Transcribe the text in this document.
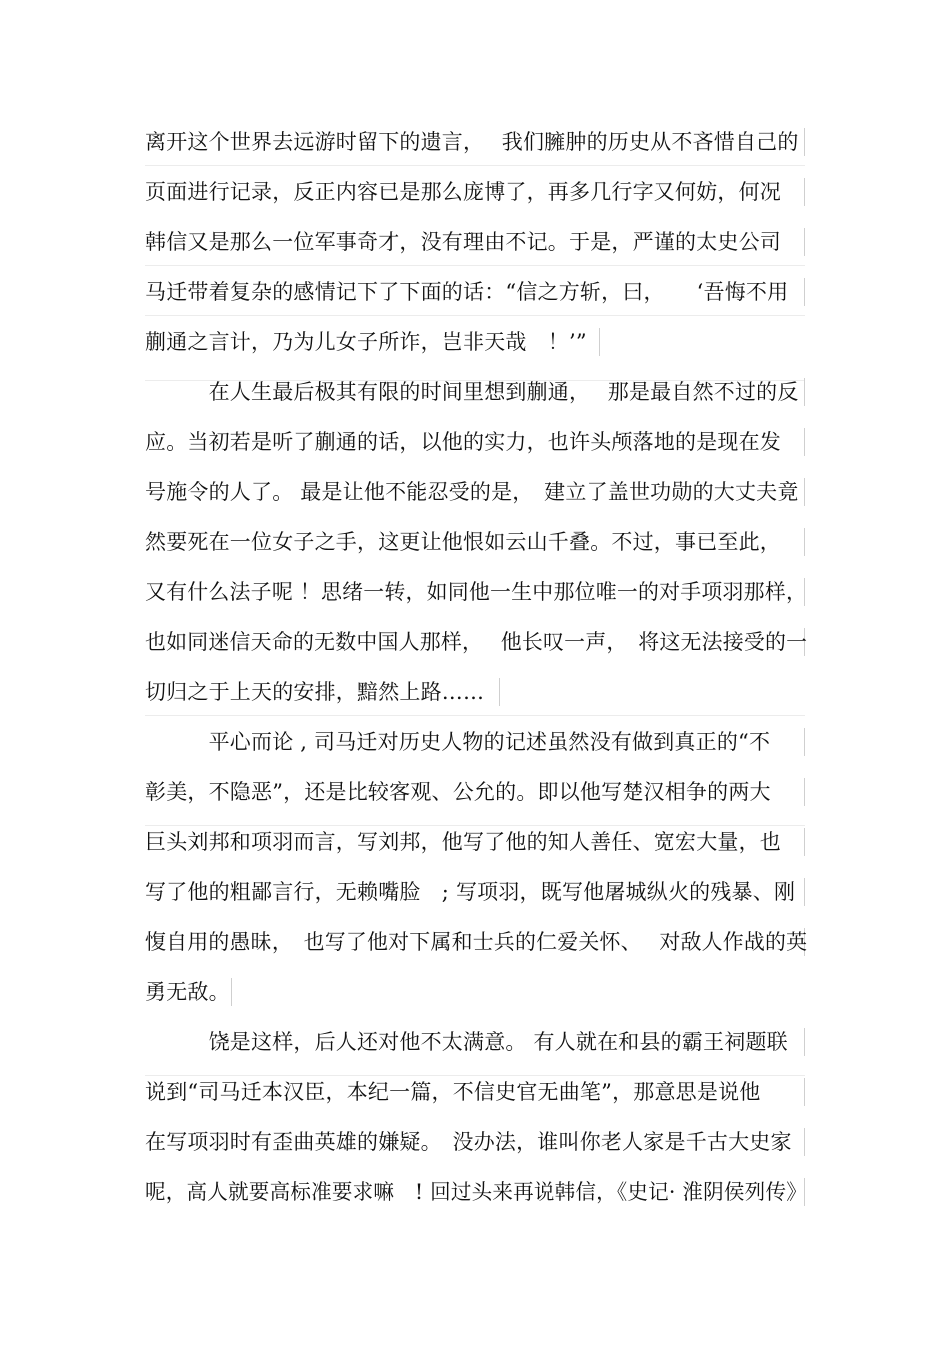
离开这个世界去远游时留下的遗言，　 我们臃肿的历史从不吝惜自己的
页面进行记录，反正内容已是那么庞博了，再多几行字又何妨，何况
韩信又是那么一位军事奇才，没有理由不记。于是，严谨的太史公司
马迁带着复杂的感情记下了下面的话：“信之方斩，曰，　　‘吾悔不用
蒯通之言计，乃为儿女子所诈，岂非天哉　！’”
　　　在人生最后极其有限的时间里想到蒯通，　 那是最自然不过的反
应。当初若是听了蒯通的话，以他的实力，也许头颅落地的是现在发
号施令的人了。 最是让他不能忍受的是，　建立了盖世功勋的大丈夫竟
然要死在一位女子之手，这更让他恨如云山千叠。不过，事已至此，
又有什么法子呢 ！思绪一转，如同他一生中那位唯一的对手项羽那样，
也如同迷信天命的无数中国人那样，　 他长叹一声，　将这无法接受的一
切归之于上天的安排，黯然上路……
　　　平心而论 , 司马迁对历史人物的记述虽然没有做到真正的“不
彰美，不隐恶”，还是比较客观、公允的。即以他写楚汉相争的两大
巨头刘邦和项羽而言，写刘邦，他写了他的知人善任、宽宏大量，也
写了他的粗鄙言行，无赖嘴脸　; 写项羽，既写他屠城纵火的残暴、刚
愎自用的愚昧，　也写了他对下属和士兵的仁爱关怀、　 对敌人作战的英
勇无敌。
　　　饶是这样，后人还对他不太满意。 有人就在和县的霸王祠题联
说到“司马迁本汉臣，本纪一篇，不信史官无曲笔”，那意思是说他
在写项羽时有歪曲英雄的嫌疑。　没办法，谁叫你老人家是千古大史家
呢，高人就要高标准要求嘛　! 回过头来再说韩信，《史记· 淮阴侯列传》
